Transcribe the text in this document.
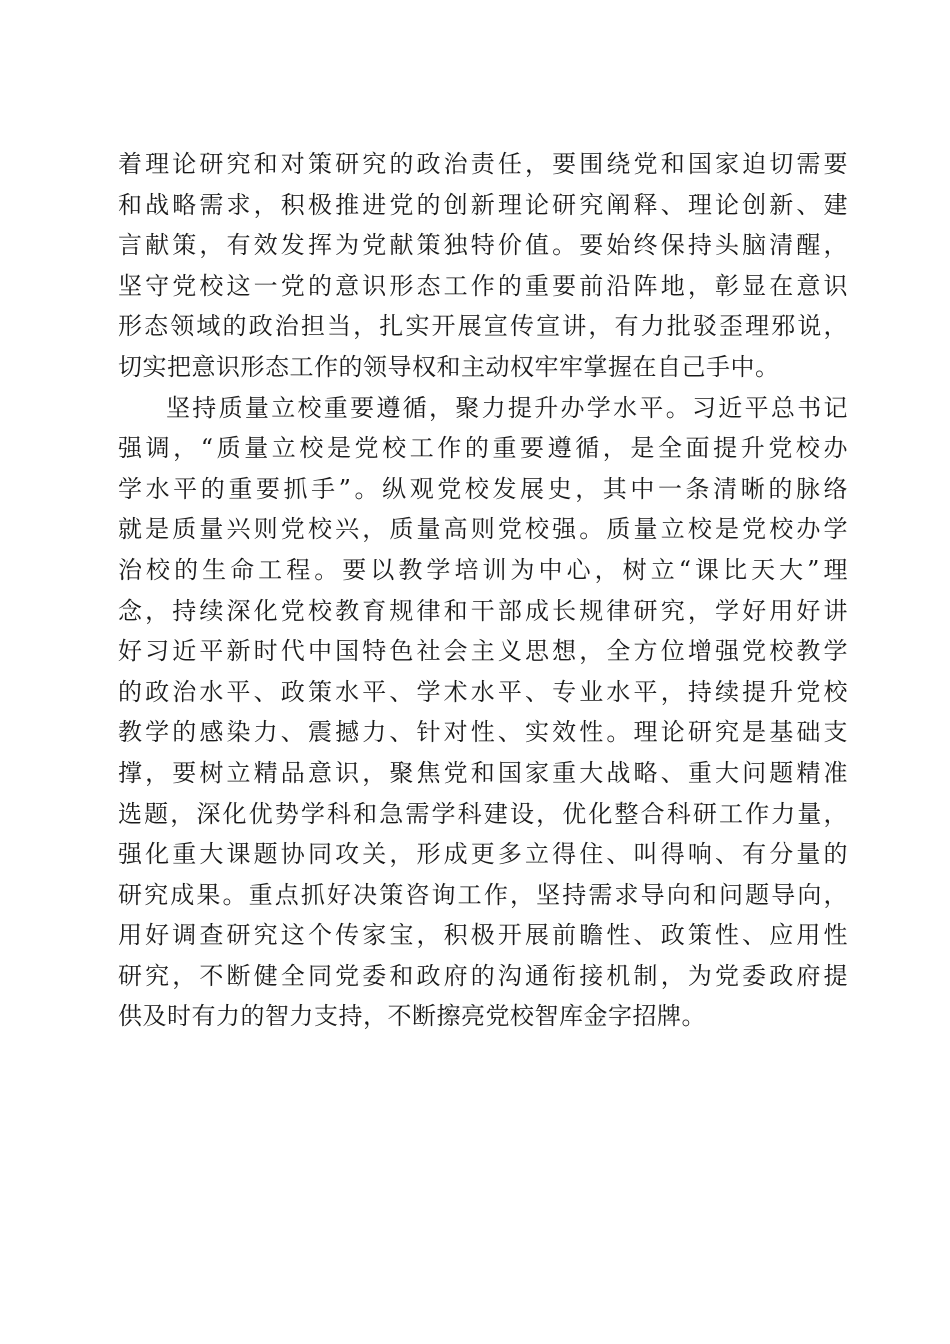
着理论研究和对策研究的政治责任，要围绕党和国家迫切需要
和战略需求，积极推进党的创新理论研究阐释、理论创新、建
言献策，有效发挥为党献策独特价值。要始终保持头脑清醒，
坚守党校这一党的意识形态工作的重要前沿阵地，彰显在意识
形态领域的政治担当，扎实开展宣传宣讲，有力批驳歪理邪说，
切实把意识形态工作的领导权和主动权牢牢掌握在自己手中。
坚持质量立校重要遵循，聚力提升办学水平。习近平总书记
强调，“质量立校是党校工作的重要遵循，是全面提升党校办
学水平的重要抓手”。纵观党校发展史，其中一条清晰的脉络
就是质量兴则党校兴，质量高则党校强。质量立校是党校办学
治校的生命工程。要以教学培训为中心，树立“课比天大”理
念，持续深化党校教育规律和干部成长规律研究，学好用好讲
好习近平新时代中国特色社会主义思想，全方位增强党校教学
的政治水平、政策水平、学术水平、专业水平，持续提升党校
教学的感染力、震撼力、针对性、实效性。理论研究是基础支
撑，要树立精品意识，聚焦党和国家重大战略、重大问题精准
选题，深化优势学科和急需学科建设，优化整合科研工作力量，
强化重大课题协同攻关，形成更多立得住、叫得响、有分量的
研究成果。重点抓好决策咨询工作，坚持需求导向和问题导向，
用好调查研究这个传家宝，积极开展前瞻性、政策性、应用性
研究，不断健全同党委和政府的沟通衔接机制，为党委政府提
供及时有力的智力支持，不断擦亮党校智库金字招牌。
